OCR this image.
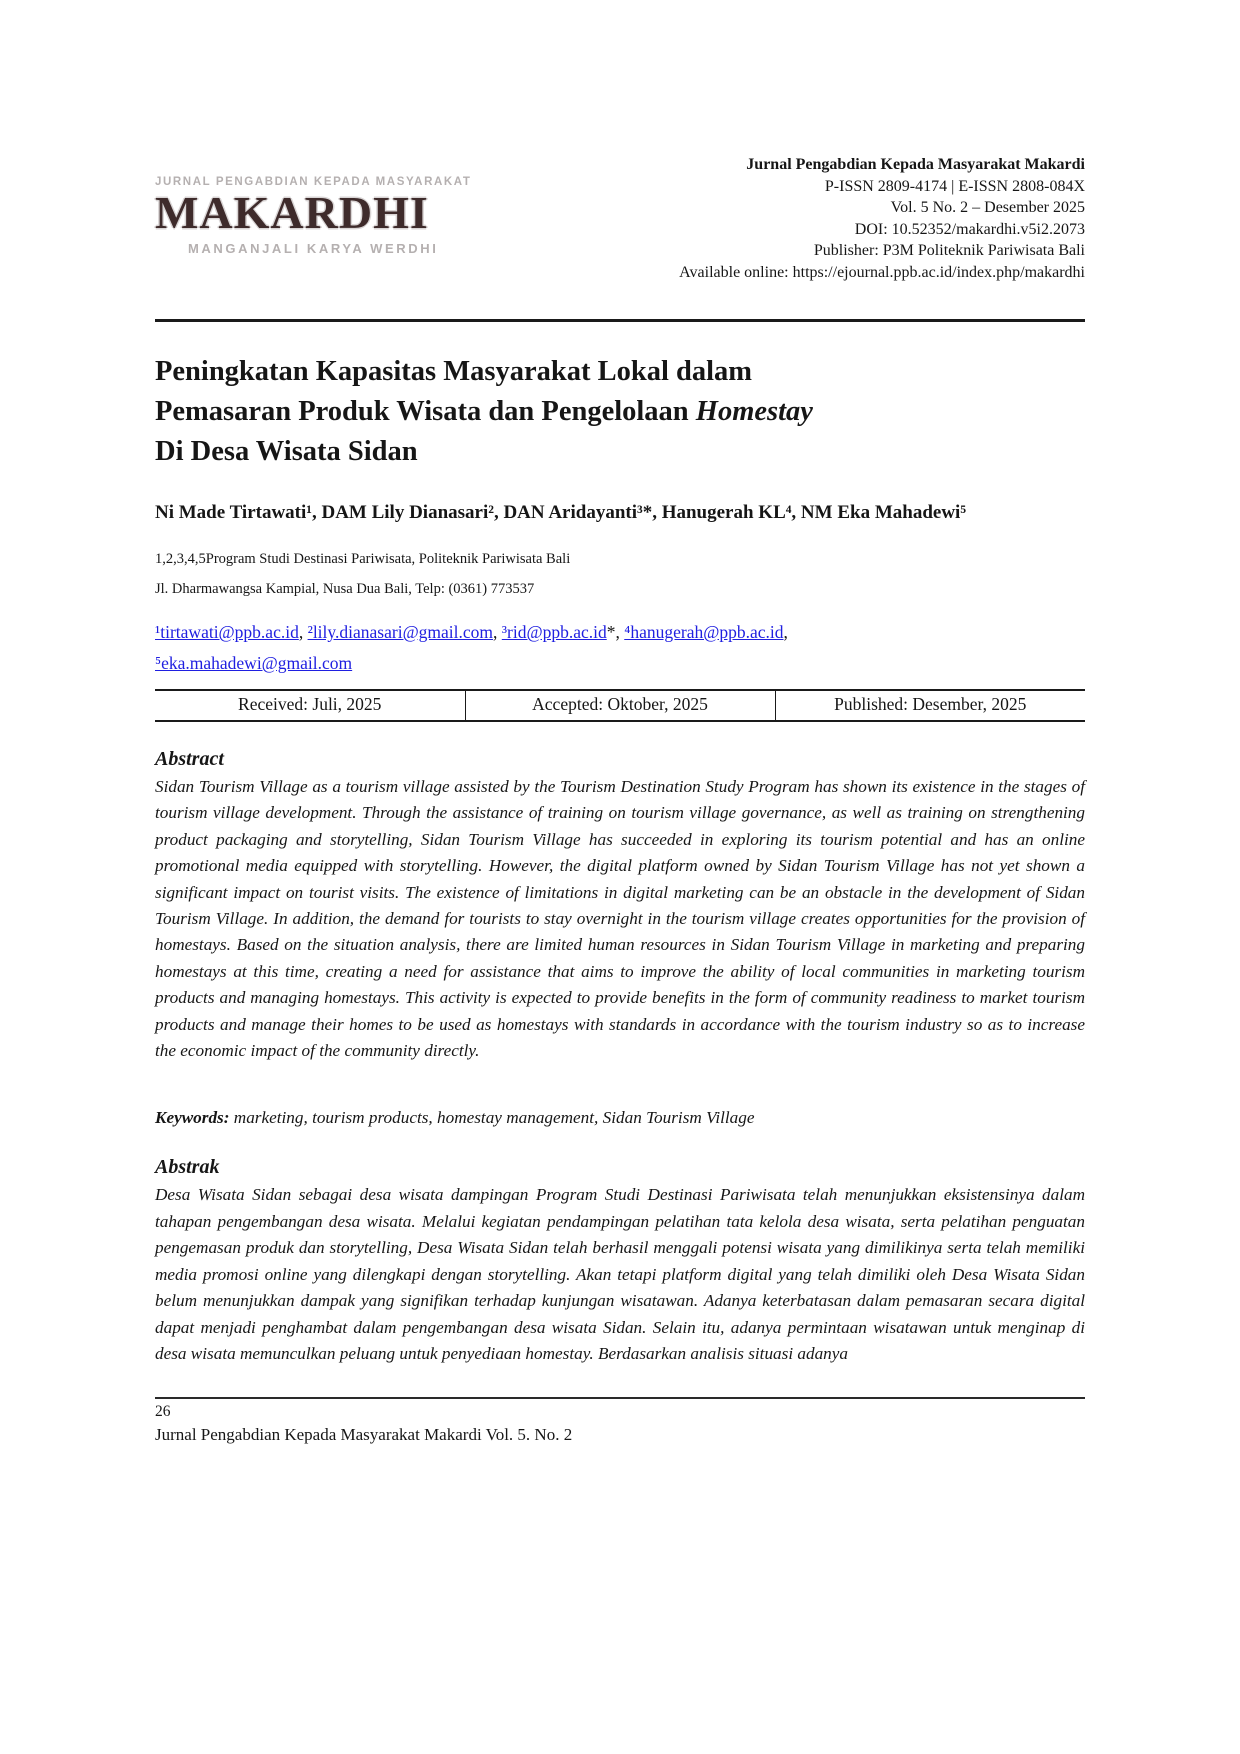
JURNAL PENGABDIAN KEPADA MASYARAKAT
MAKARDHI
MANGANJALI KARYA WERDHI
Jurnal Pengabdian Kepada Masyarakat Makardi
P-ISSN 2809-4174 | E-ISSN 2808-084X
Vol. 5 No. 2 – Desember 2025
DOI: 10.52352/makardhi.v5i2.2073
Publisher: P3M Politeknik Pariwisata Bali
Available online: https://ejournal.ppb.ac.id/index.php/makardhi
Peningkatan Kapasitas Masyarakat Lokal dalam
Pemasaran Produk Wisata dan Pengelolaan Homestay
Di Desa Wisata Sidan

Ni Made Tirtawati¹, DAM Lily Dianasari², DAN Aridayanti³*, Hanugerah KL⁴, NM Eka Mahadewi⁵

1,2,3,4,5Program Studi Destinasi Pariwisata, Politeknik Pariwisata Bali

Jl. Dharmawangsa Kampial, Nusa Dua Bali, Telp: (0361) 773537

¹tirtawati@ppb.ac.id, ²lily.dianasari@gmail.com, ³rid@ppb.ac.id*, ⁴hanugerah@ppb.ac.id,
⁵eka.mahadewi@gmail.com

Received: Juli, 2025	Accepted: Oktober, 2025	Published: Desember, 2025
Abstract

Sidan Tourism Village as a tourism village assisted by the Tourism Destination Study Program has shown its existence in the stages of tourism village development. Through the assistance of training on tourism village governance, as well as training on strengthening product packaging and storytelling, Sidan Tourism Village has succeeded in exploring its tourism potential and has an online promotional media equipped with storytelling. However, the digital platform owned by Sidan Tourism Village has not yet shown a significant impact on tourist visits. The existence of limitations in digital marketing can be an obstacle in the development of Sidan Tourism Village. In addition, the demand for tourists to stay overnight in the tourism village creates opportunities for the provision of homestays. Based on the situation analysis, there are limited human resources in Sidan Tourism Village in marketing and preparing homestays at this time, creating a need for assistance that aims to improve the ability of local communities in marketing tourism products and managing homestays. This activity is expected to provide benefits in the form of community readiness to market tourism products and manage their homes to be used as homestays with standards in accordance with the tourism industry so as to increase the economic impact of the community directly.

Keywords: marketing, tourism products, homestay management, Sidan Tourism Village

Abstrak

Desa Wisata Sidan sebagai desa wisata dampingan Program Studi Destinasi Pariwisata telah menunjukkan eksistensinya dalam tahapan pengembangan desa wisata. Melalui kegiatan pendampingan pelatihan tata kelola desa wisata, serta pelatihan penguatan pengemasan produk dan storytelling, Desa Wisata Sidan telah berhasil menggali potensi wisata yang dimilikinya serta telah memiliki media promosi online yang dilengkapi dengan storytelling. Akan tetapi platform digital yang telah dimiliki oleh Desa Wisata Sidan belum menunjukkan dampak yang signifikan terhadap kunjungan wisatawan. Adanya keterbatasan dalam pemasaran secara digital dapat menjadi penghambat dalam pengembangan desa wisata Sidan. Selain itu, adanya permintaan wisatawan untuk menginap di desa wisata memunculkan peluang untuk penyediaan homestay. Berdasarkan analisis situasi adanya

26
Jurnal Pengabdian Kepada Masyarakat Makardi Vol. 5. No. 2
